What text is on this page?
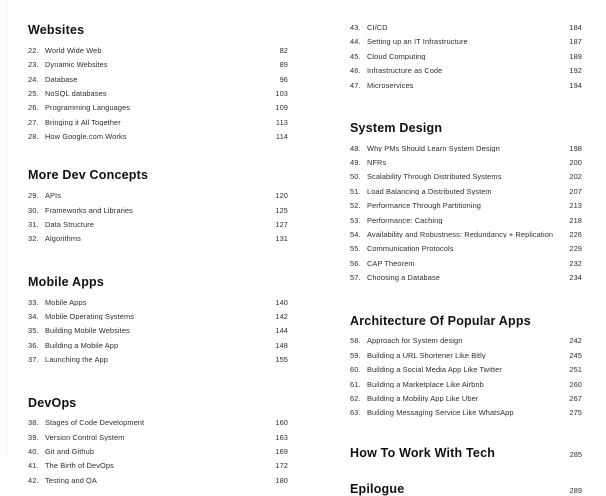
Websites
22. World Wide Web	82
23. Dynamic Websites	89
24. Database	96
25. NoSQL databases	103
26. Programming Languages	109
27. Bringing it All Together	113
28. How Google.com Works	114
More Dev Concepts
29. APIs	120
30. Frameworks and Libraries	125
31. Data Structure	127
32. Algorithms	131
Mobile Apps
33. Mobile Apps	140
34. Mobile Operating Systems	142
35. Building Mobile Websites	144
36. Building a Mobile App	148
37. Launching the App	155
DevOps
38. Stages of Code Development	160
39. Version Control System	163
40. Git and Github	169
41. The Birth of DevOps	172
42. Testing and QA	180
43. CI/CD	184
44. Setting up an IT Infrastructure	187
45. Cloud Computing	189
46. Infrastructure as Code	192
47. Microservices	194
System Design
48. Why PMs Should Learn System Design	198
49. NFRs	200
50. Scalability Through Distributed Systems	202
51. Load Balancing a Distributed System	207
52. Performance Through Partitioning	213
53. Performance: Caching	218
54. Availability and Robustness: Redundancy + Replication	226
55. Communication Protocols	229
56. CAP Theorem	232
57. Choosing a Database	234
Architecture Of Popular Apps
58. Approach for System design	242
59. Building a URL Shortener Like Bitly	245
60. Building a Social Media App Like Twitter	251
61. Building a Marketplace Like Airbnb	260
62. Building a Mobility App Like Uber	267
63. Building Messaging Service Like WhatsApp	275
How To Work With Tech	285
Epilogue	289
